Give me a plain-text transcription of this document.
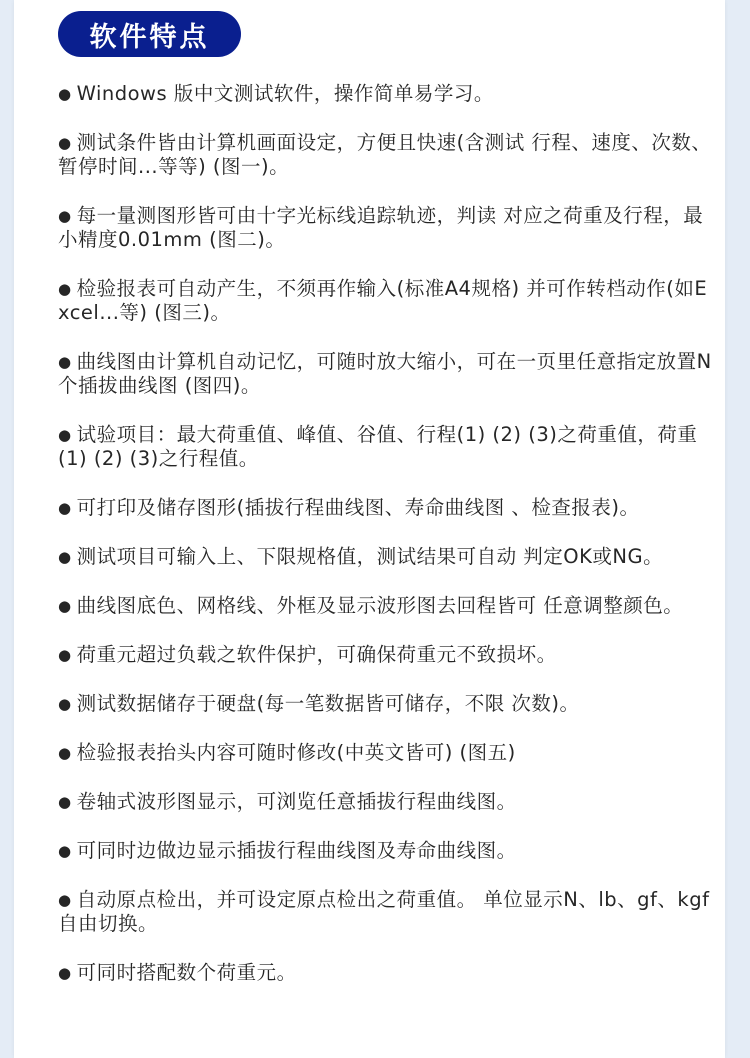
软件特点
● Windows 版中文测试软件，操作简单易学习。
● 测试条件皆由计算机画面设定，方便且快速(含测试 行程、速度、次数、暂停时间...等等) (图一)。
● 每一量测图形皆可由十字光标线追踪轨迹，判读 对应之荷重及行程，最小精度0.01mm (图二)。
● 检验报表可自动产生，不须再作输入(标准A4规格) 并可作转档动作(如Excel...等) (图三)。
● 曲线图由计算机自动记忆，可随时放大缩小，可在一页里任意指定放置N个插拔曲线图 (图四)。
● 试验项目：最大荷重值、峰值、谷值、行程(1) (2) (3)之荷重值，荷重(1) (2) (3)之行程值。
● 可打印及储存图形(插拔行程曲线图、寿命曲线图 、检查报表)。
● 测试项目可输入上、下限规格值，测试结果可自动 判定OK或NG。
● 曲线图底色、网格线、外框及显示波形图去回程皆可 任意调整颜色。
● 荷重元超过负载之软件保护，可确保荷重元不致损坏。
● 测试数据储存于硬盘(每一笔数据皆可储存，不限 次数)。
● 检验报表抬头内容可随时修改(中英文皆可) (图五)
● 卷轴式波形图显示，可浏览任意插拔行程曲线图。
● 可同时边做边显示插拔行程曲线图及寿命曲线图。
● 自动原点检出，并可设定原点检出之荷重值。 单位显示N、lb、gf、kgf自由切换。
● 可同时搭配数个荷重元。
